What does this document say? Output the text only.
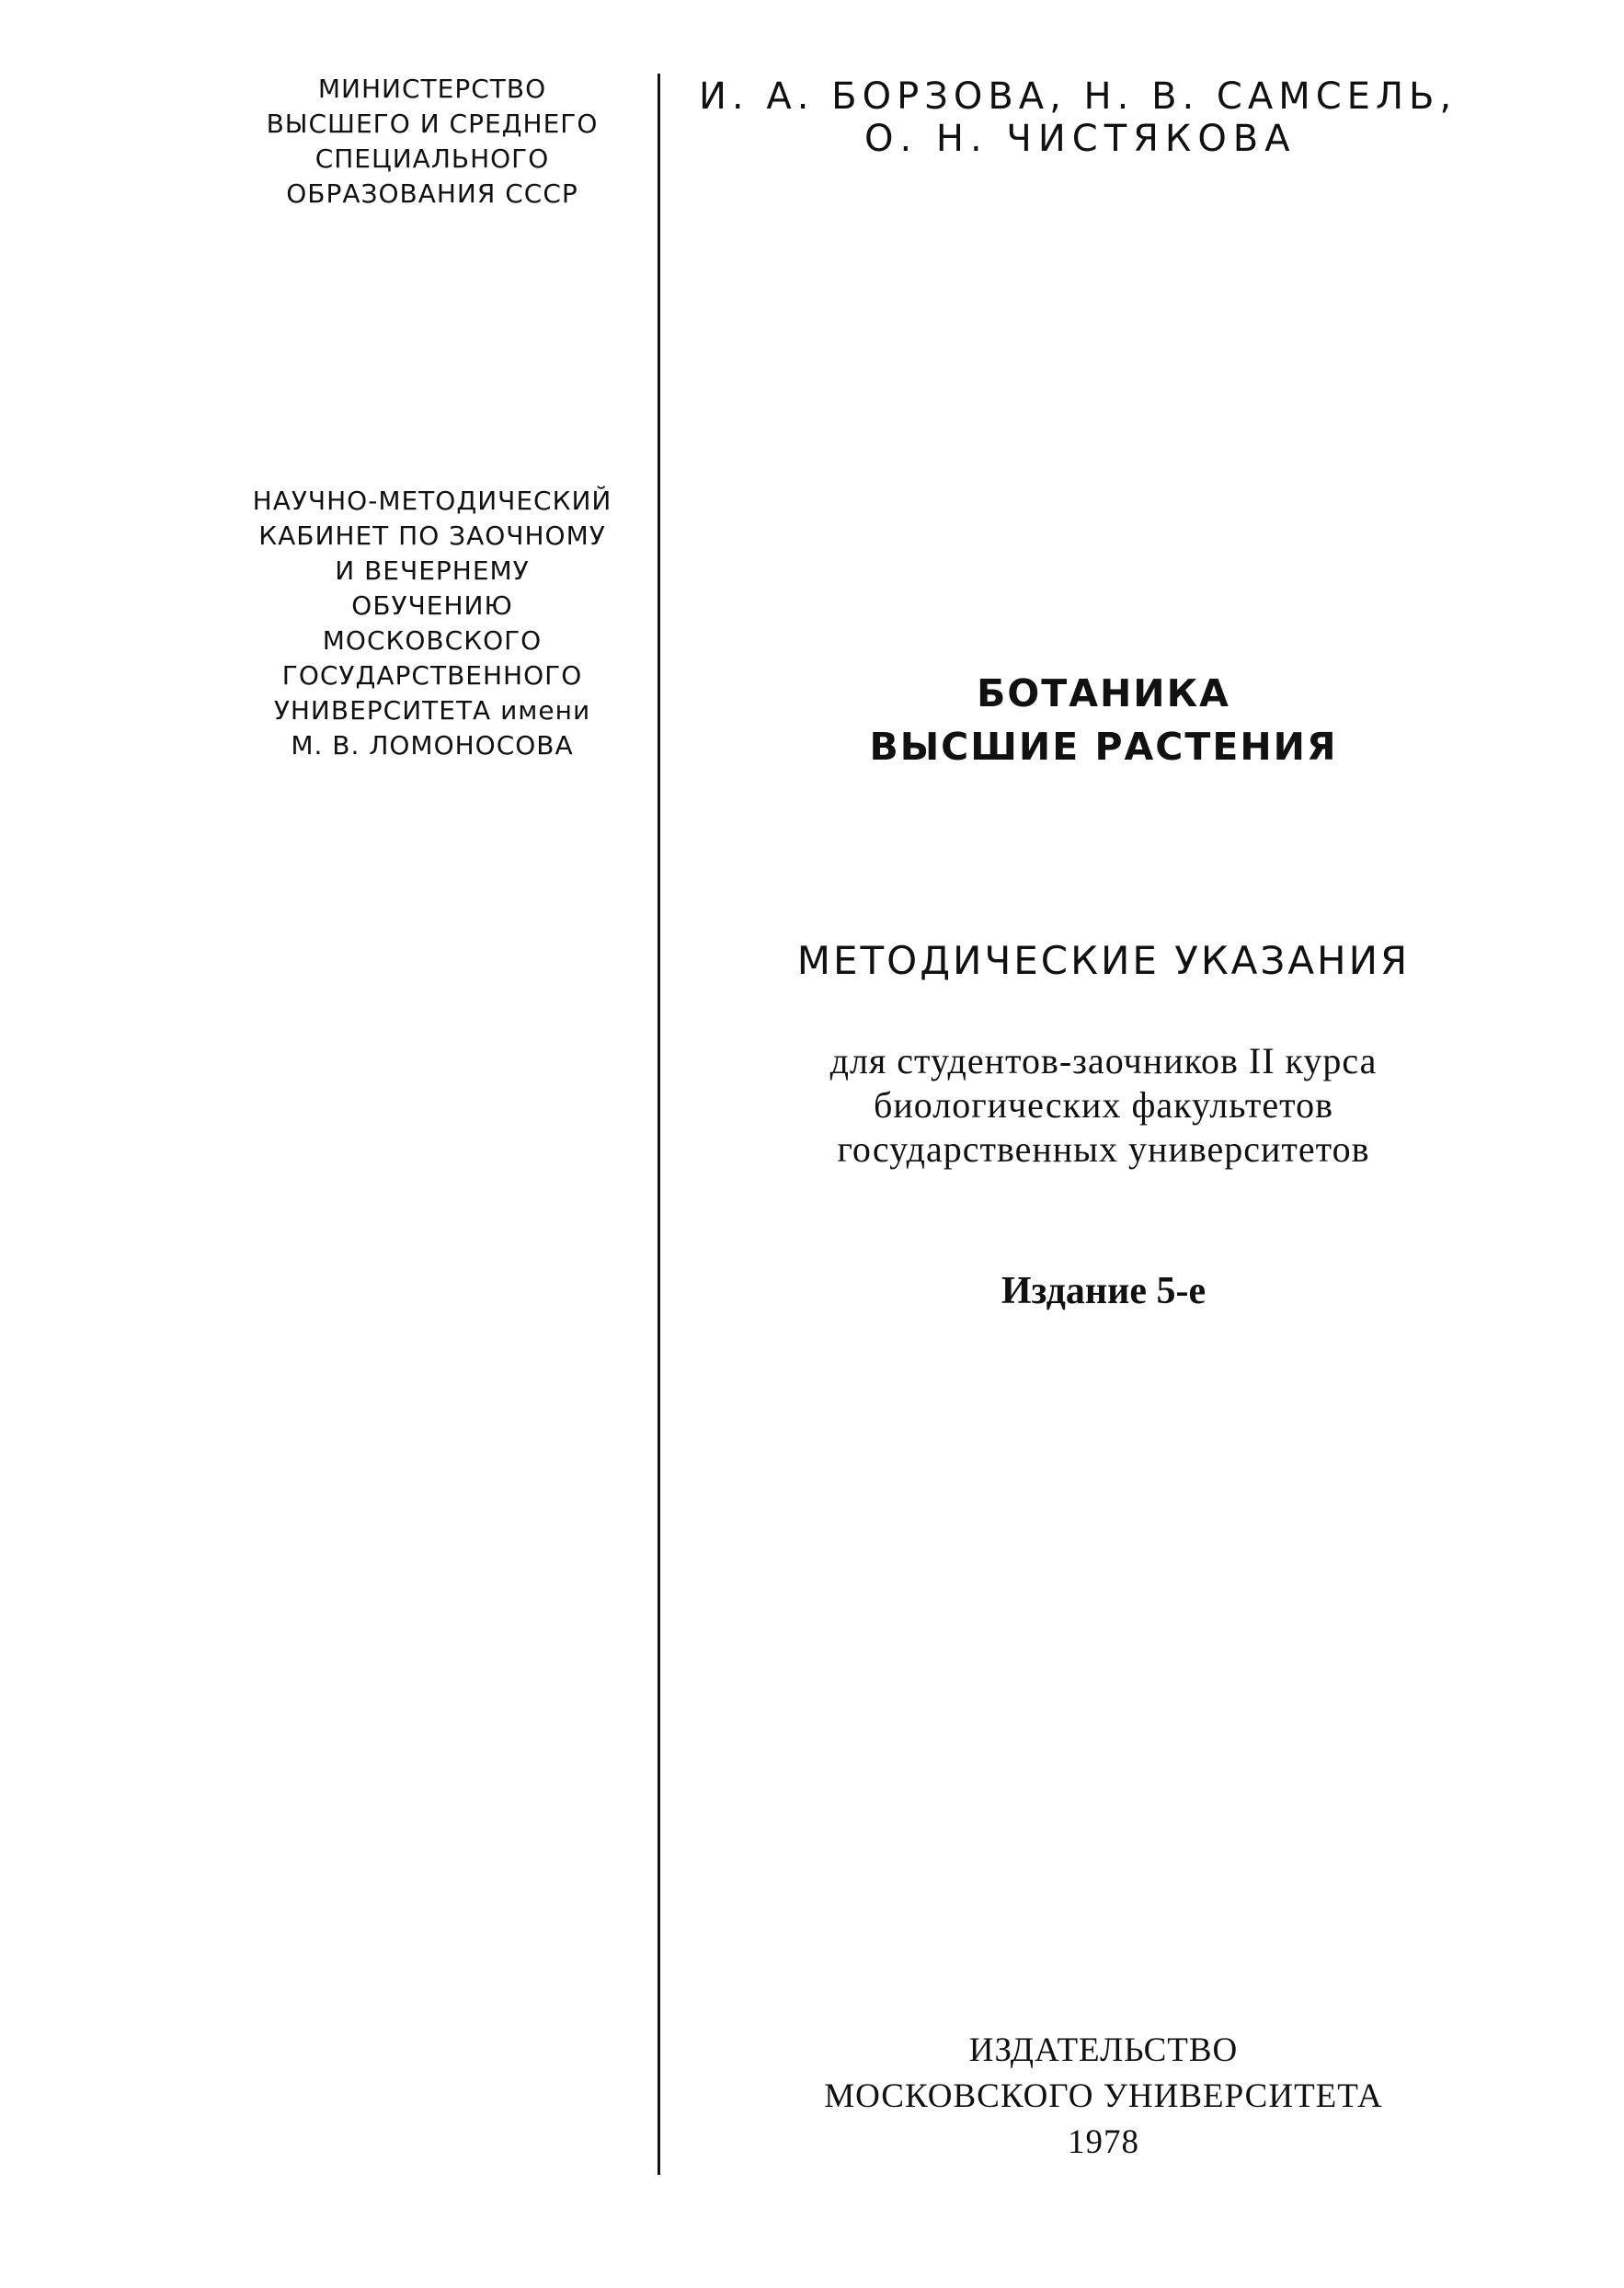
МИНИСТЕРСТВО
ВЫСШЕГО И СРЕДНЕГО
СПЕЦИАЛЬНОГО
ОБРАЗОВАНИЯ СССР
НАУЧНО-МЕТОДИЧЕСКИЙ
КАБИНЕТ ПО ЗАОЧНОМУ
И ВЕЧЕРНЕМУ
ОБУЧЕНИЮ
МОСКОВСКОГО
ГОСУДАРСТВЕННОГО
УНИВЕРСИТЕТА имени
М. В. ЛОМОНОСОВА
И. А. БОРЗОВА, Н. В. САМСЕЛЬ,
О. Н. ЧИСТЯКОВА
БОТАНИКА
ВЫСШИЕ РАСТЕНИЯ
МЕТОДИЧЕСКИЕ УКАЗАНИЯ
для студентов-заочников II курса
биологических факультетов
государственных университетов
Издание 5-е
ИЗДАТЕЛЬСТВО
МОСКОВСКОГО УНИВЕРСИТЕТА
1978
